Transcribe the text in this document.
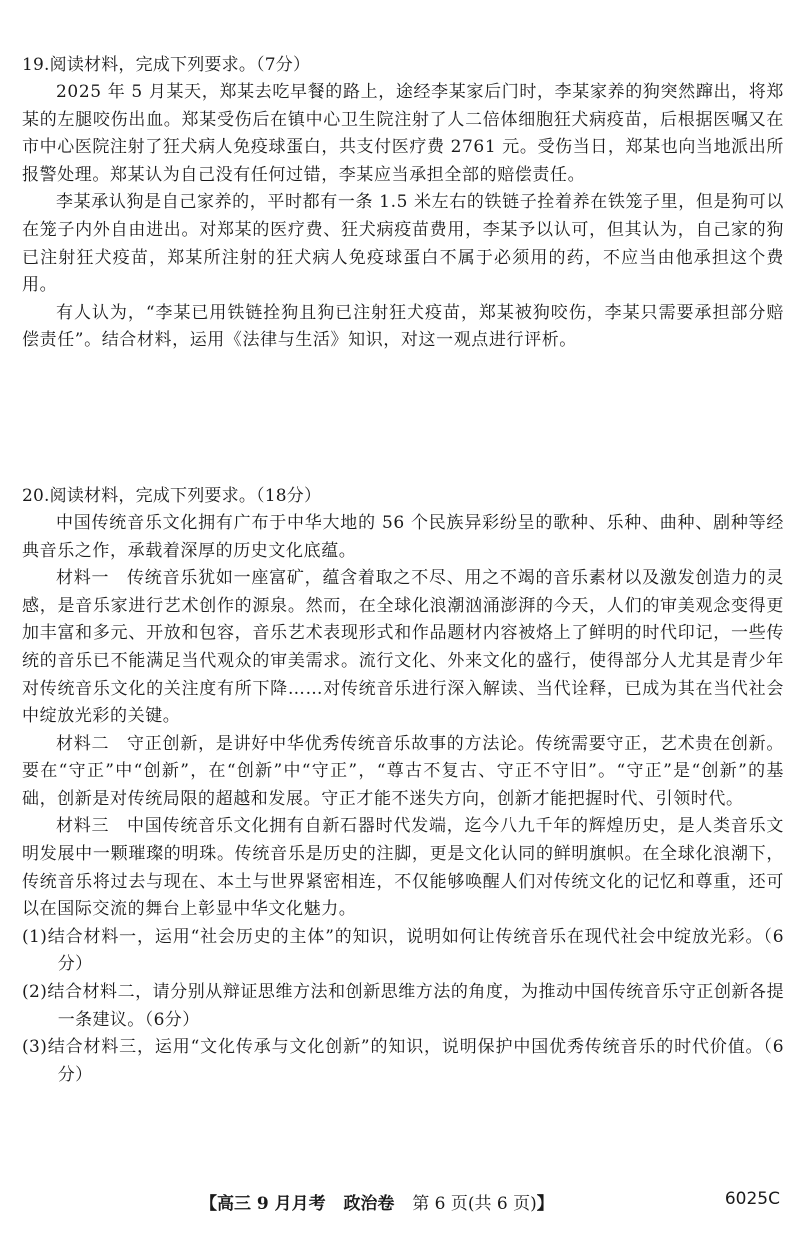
19.阅读材料，完成下列要求。（7分）

2025 年 5 月某天，郑某去吃早餐的路上，途经李某家后门时，李某家养的狗突然蹿出，将郑某的左腿咬伤出血。郑某受伤后在镇中心卫生院注射了人二倍体细胞狂犬病疫苗，后根据医嘱又在市中心医院注射了狂犬病人免疫球蛋白，共支付医疗费 2761 元。受伤当日，郑某也向当地派出所报警处理。郑某认为自己没有任何过错，李某应当承担全部的赔偿责任。

李某承认狗是自己家养的，平时都有一条 1.5 米左右的铁链子拴着养在铁笼子里，但是狗可以在笼子内外自由进出。对郑某的医疗费、狂犬病疫苗费用，李某予以认可，但其认为，自己家的狗已注射狂犬疫苗，郑某所注射的狂犬病人免疫球蛋白不属于必须用的药，不应当由他承担这个费用。

有人认为，“李某已用铁链拴狗且狗已注射狂犬疫苗，郑某被狗咬伤，李某只需要承担部分赔偿责任”。结合材料，运用《法律与生活》知识，对这一观点进行评析。

20.阅读材料，完成下列要求。（18分）

中国传统音乐文化拥有广布于中华大地的 56 个民族异彩纷呈的歌种、乐种、曲种、剧种等经典音乐之作，承载着深厚的历史文化底蕴。

材料一　传统音乐犹如一座富矿，蕴含着取之不尽、用之不竭的音乐素材以及激发创造力的灵感，是音乐家进行艺术创作的源泉。然而，在全球化浪潮汹涌澎湃的今天，人们的审美观念变得更加丰富和多元、开放和包容，音乐艺术表现形式和作品题材内容被烙上了鲜明的时代印记，一些传统的音乐已不能满足当代观众的审美需求。流行文化、外来文化的盛行，使得部分人尤其是青少年对传统音乐文化的关注度有所下降……对传统音乐进行深入解读、当代诠释，已成为其在当代社会中绽放光彩的关键。

材料二　守正创新，是讲好中华优秀传统音乐故事的方法论。传统需要守正，艺术贵在创新。要在“守正”中“创新”，在“创新”中“守正”，“尊古不复古、守正不守旧”。“守正”是“创新”的基础，创新是对传统局限的超越和发展。守正才能不迷失方向，创新才能把握时代、引领时代。

材料三　中国传统音乐文化拥有自新石器时代发端，迄今八九千年的辉煌历史，是人类音乐文明发展中一颗璀璨的明珠。传统音乐是历史的注脚，更是文化认同的鲜明旗帜。在全球化浪潮下，传统音乐将过去与现在、本土与世界紧密相连，不仅能够唤醒人们对传统文化的记忆和尊重，还可以在国际交流的舞台上彰显中华文化魅力。

(1)结合材料一，运用“社会历史的主体”的知识，说明如何让传统音乐在现代社会中绽放光彩。（6分）

(2)结合材料二，请分别从辩证思维方法和创新思维方法的角度，为推动中国传统音乐守正创新各提一条建议。（6分）

(3)结合材料三，运用“文化传承与文化创新”的知识，说明保护中国优秀传统音乐的时代价值。（6分）

【高三 9 月月考 政治卷 第 6 页(共 6 页)】	6025C
